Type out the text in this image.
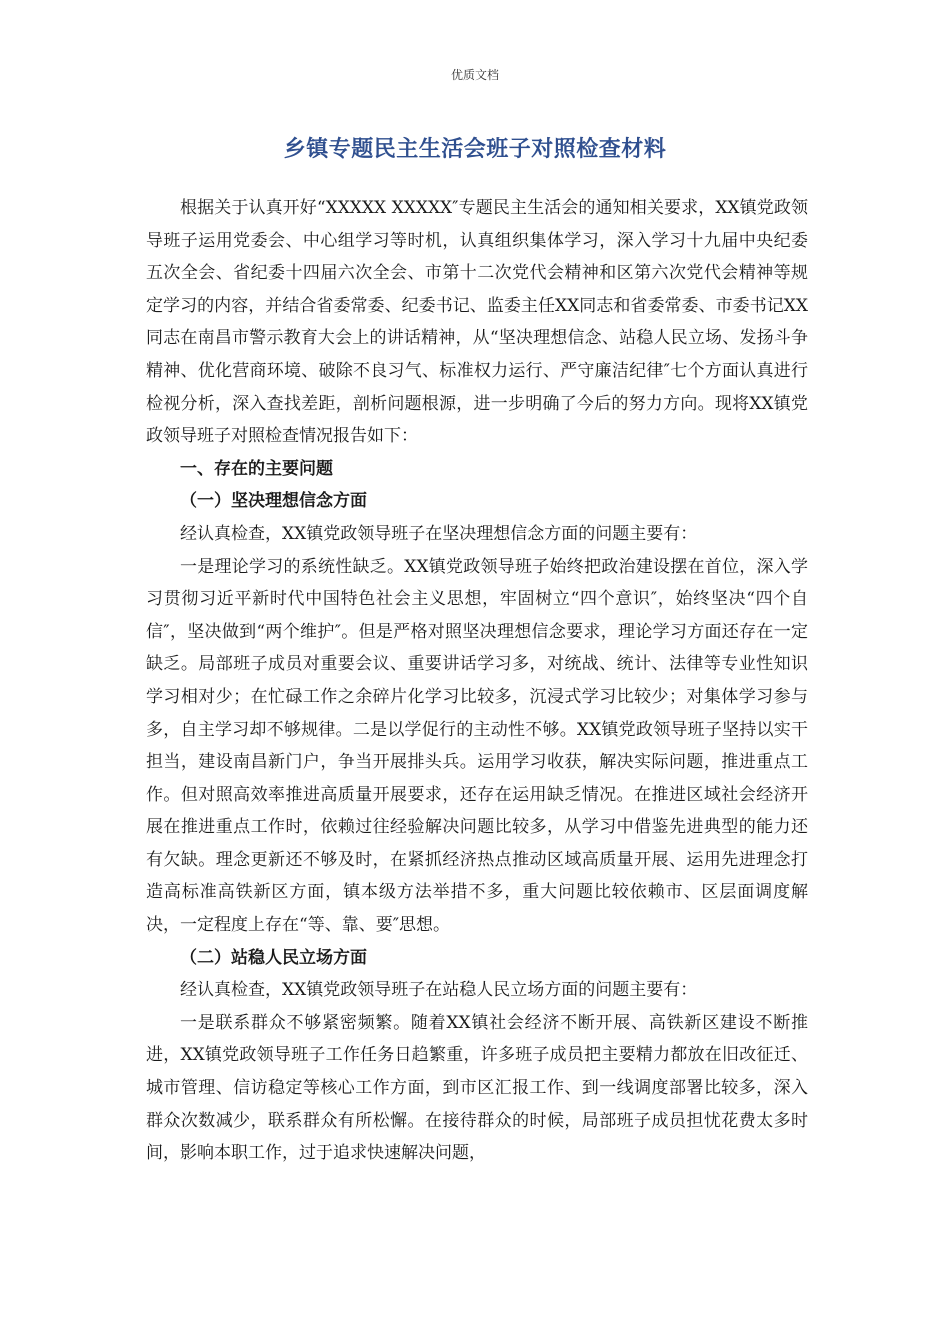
优质文档
乡镇专题民主生活会班子对照检查材料

根据关于认真开好“XXXXX XXXXX″专题民主生活会的通知相关要求，XX镇党政领导班子运用党委会、中心组学习等时机，认真组织集体学习，深入学习十九届中央纪委五次全会、省纪委十四届六次全会、市第十二次党代会精神和区第六次党代会精神等规定学习的内容，并结合省委常委、纪委书记、监委主任XX同志和省委常委、市委书记XX同志在南昌市警示教育大会上的讲话精神，从“坚决理想信念、站稳人民立场、发扬斗争精神、优化营商环境、破除不良习气、标准权力运行、严守廉洁纪律″七个方面认真进行检视分析，深入查找差距，剖析问题根源，进一步明确了今后的努力方向。现将XX镇党政领导班子对照检查情况报告如下：

一、存在的主要问题

（一）坚决理想信念方面

经认真检查，XX镇党政领导班子在坚决理想信念方面的问题主要有：

一是理论学习的系统性缺乏。XX镇党政领导班子始终把政治建设摆在首位，深入学习贯彻习近平新时代中国特色社会主义思想，牢固树立“四个意识″，始终坚决“四个自信″，坚决做到“两个维护″。但是严格对照坚决理想信念要求，理论学习方面还存在一定缺乏。局部班子成员对重要会议、重要讲话学习多，对统战、统计、法律等专业性知识学习相对少；在忙碌工作之余碎片化学习比较多，沉浸式学习比较少；对集体学习参与多，自主学习却不够规律。二是以学促行的主动性不够。XX镇党政领导班子坚持以实干担当，建设南昌新门户，争当开展排头兵。运用学习收获，解决实际问题，推进重点工作。但对照高效率推进高质量开展要求，还存在运用缺乏情况。在推进区域社会经济开展在推进重点工作时，依赖过往经验解决问题比较多，从学习中借鉴先进典型的能力还有欠缺。理念更新还不够及时，在紧抓经济热点推动区域高质量开展、运用先进理念打造高标准高铁新区方面，镇本级方法举措不多，重大问题比较依赖市、区层面调度解决，一定程度上存在“等、靠、要″思想。

（二）站稳人民立场方面

经认真检查，XX镇党政领导班子在站稳人民立场方面的问题主要有：

一是联系群众不够紧密频繁。随着XX镇社会经济不断开展、高铁新区建设不断推进，XX镇党政领导班子工作任务日趋繁重，许多班子成员把主要精力都放在旧改征迁、城市管理、信访稳定等核心工作方面，到市区汇报工作、到一线调度部署比较多，深入群众次数减少，联系群众有所松懈。在接待群众的时候，局部班子成员担忧花费太多时间，影响本职工作，过于追求快速解决问题，
